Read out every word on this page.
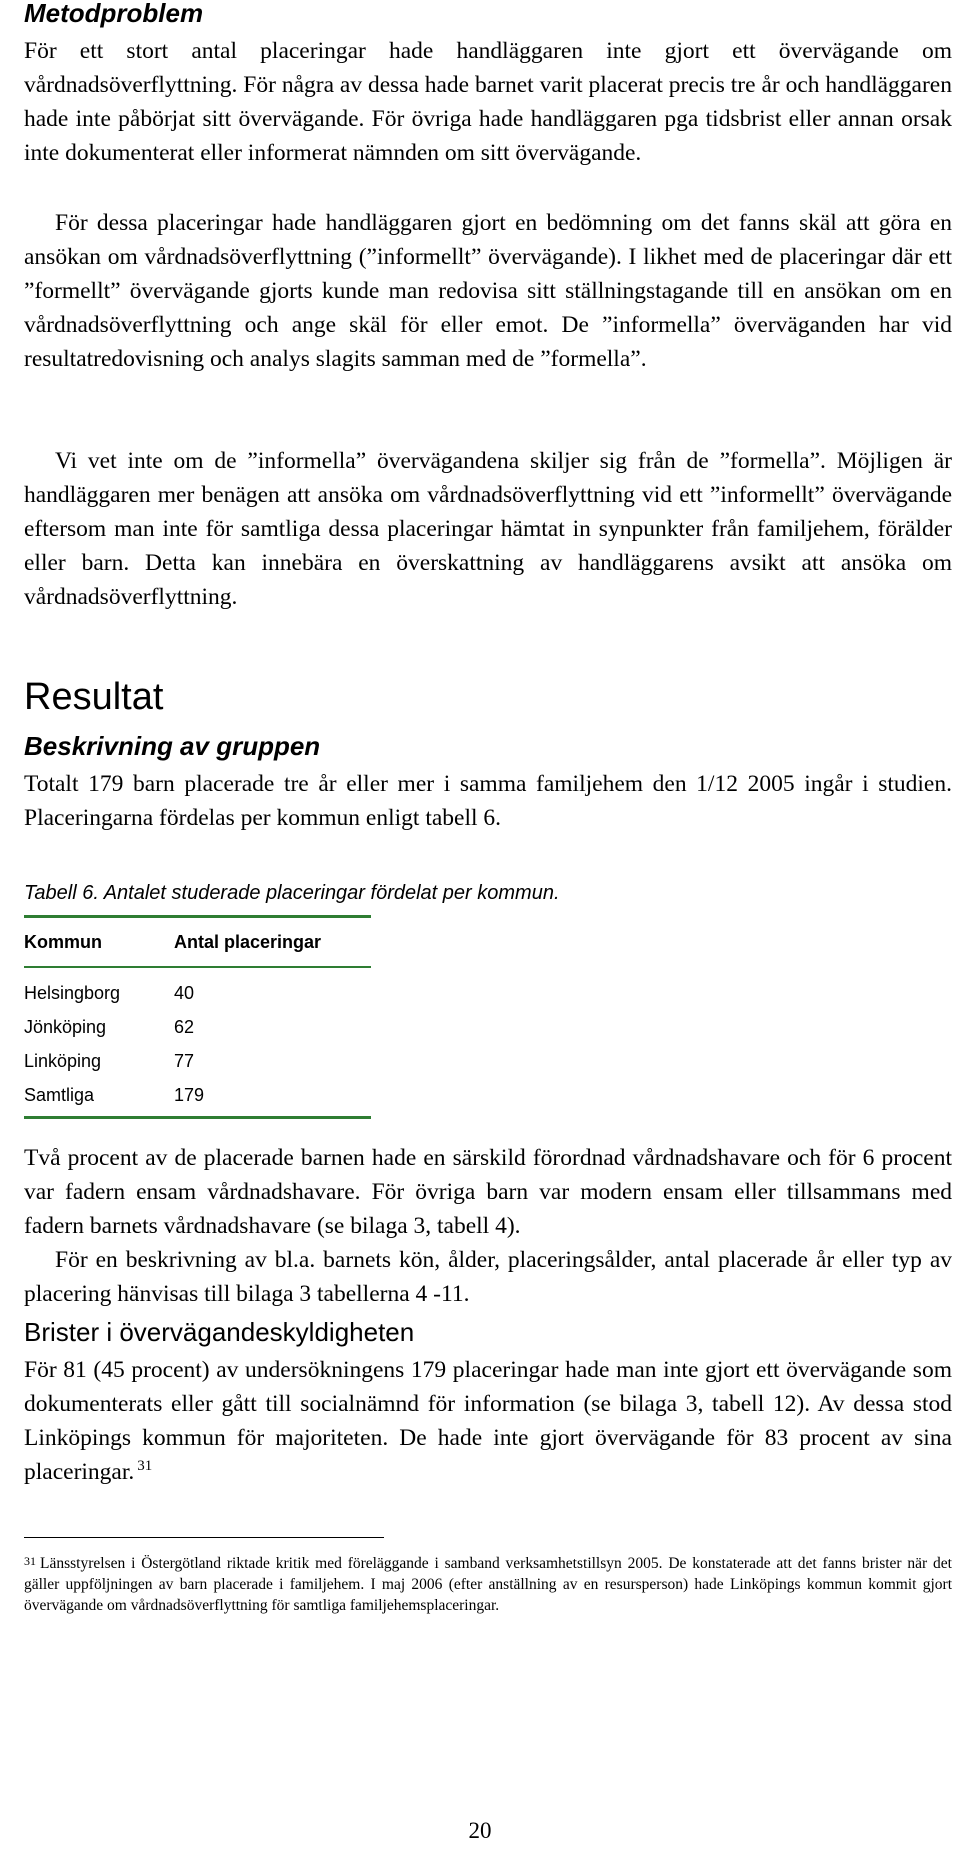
Metodproblem

För ett stort antal placeringar hade handläggaren inte gjort ett övervägande om vårdnadsöverflyttning. För några av dessa hade barnet varit placerat precis tre år och handläggaren hade inte påbörjat sitt övervägande. För övriga hade handläggaren pga tidsbrist eller annan orsak inte dokumenterat eller informerat nämnden om sitt övervägande.

För dessa placeringar hade handläggaren gjort en bedömning om det fanns skäl att göra en ansökan om vårdnadsöverflyttning (”informellt” övervägande). I likhet med de placeringar där ett ”formellt” övervägande gjorts kunde man redovisa sitt ställningstagande till en ansökan om en vårdnadsöverflyttning och ange skäl för eller emot. De ”informella” överväganden har vid resultatredovisning och analys slagits samman med de ”formella”.

Vi vet inte om de ”informella” övervägandena skiljer sig från de ”formella”. Möjligen är handläggaren mer benägen att ansöka om vårdnadsöverflyttning vid ett ”informellt” övervägande eftersom man inte för samtliga dessa placeringar hämtat in synpunkter från familjehem, förälder eller barn. Detta kan innebära en överskattning av handläggarens avsikt att ansöka om vårdnadsöverflyttning.

Resultat
Beskrivning av gruppen

Totalt 179 barn placerade tre år eller mer i samma familjehem den 1/12 2005 ingår i studien. Placeringarna fördelas per kommun enligt tabell 6.

Tabell 6. Antalet studerade placeringar fördelat per kommun.

Kommun	Antal placeringar
Helsingborg	40
Jönköping	62
Linköping	77
Samtliga	179

Två procent av de placerade barnen hade en särskild förordnad vårdnadshavare och för 6 procent var fadern ensam vårdnadshavare. För övriga barn var modern ensam eller tillsammans med fadern barnets vårdnadshavare (se bilaga 3, tabell 4).

För en beskrivning av bl.a. barnets kön, ålder, placeringsålder, antal placerade år eller typ av placering hänvisas till bilaga 3 tabellerna 4 -11.

Brister i övervägandeskyldigheten

För 81 (45 procent) av undersökningens 179 placeringar hade man inte gjort ett övervägande som dokumenterats eller gått till socialnämnd för information (se bilaga 3, tabell 12). Av dessa stod Linköpings kommun för majoriteten. De hade inte gjort övervägande för 83 procent av sina placeringar. $^{31}$

$^{31}$ Länsstyrelsen i Östergötland riktade kritik med föreläggande i samband verksamhetstillsyn 2005. De konstaterade att det fanns brister när det gäller uppföljningen av barn placerade i familjehem. I maj 2006 (efter anställning av en resursperson) hade Linköpings kommun kommit gjort övervägande om vårdnadsöverflyttning för samtliga familjehemsplaceringar.

20
